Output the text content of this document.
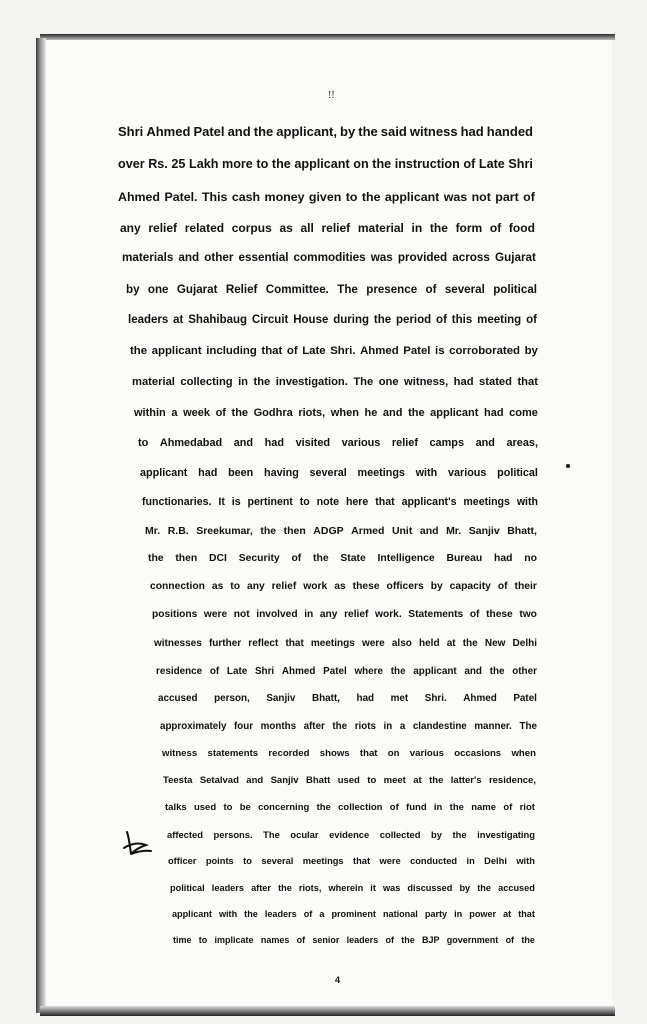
!!
Shri Ahmed Patel and the applicant, by the said witness had handed
over Rs. 25 Lakh more to the applicant on the instruction of Late Shri
Ahmed Patel. This cash money given to the applicant was not part of
any relief related corpus as all relief material in the form of food
materials and other essential commodities was provided across Gujarat
by one Gujarat Relief Committee. The presence of several political
leaders at Shahibaug Circuit House during the period of this meeting of
the applicant including that of Late Shri. Ahmed Patel is corroborated by
material collecting in the investigation. The one witness, had stated that
within a week of the Godhra riots, when he and the applicant had come
to Ahmedabad and had visited various relief camps and areas,
applicant had been having several meetings with various political
functionaries. It is pertinent to note here that applicant's meetings with
Mr. R.B. Sreekumar, the then ADGP Armed Unit and Mr. Sanjiv Bhatt,
the then DCI Security of the State Intelligence Bureau had no
connection as to any relief work as these officers by capacity of their
positions were not involved in any relief work. Statements of these two
witnesses further reflect that meetings were also held at the New Delhi
residence of Late Shri Ahmed Patel where the applicant and the other
accused person, Sanjiv Bhatt, had met Shri. Ahmed Patel
approximately four months after the riots in a clandestine manner. The
witness statements recorded shows that on various occasions when
Teesta Setalvad and Sanjiv Bhatt used to meet at the latter's residence,
talks used to be concerning the collection of fund in the name of riot
affected persons. The ocular evidence collected by the investigating
officer points to several meetings that were conducted in Delhi with
political leaders after the riots, wherein it was discussed by the accused
applicant with the leaders of a prominent national party in power at that
time to implicate names of senior leaders of the BJP government of the
4
